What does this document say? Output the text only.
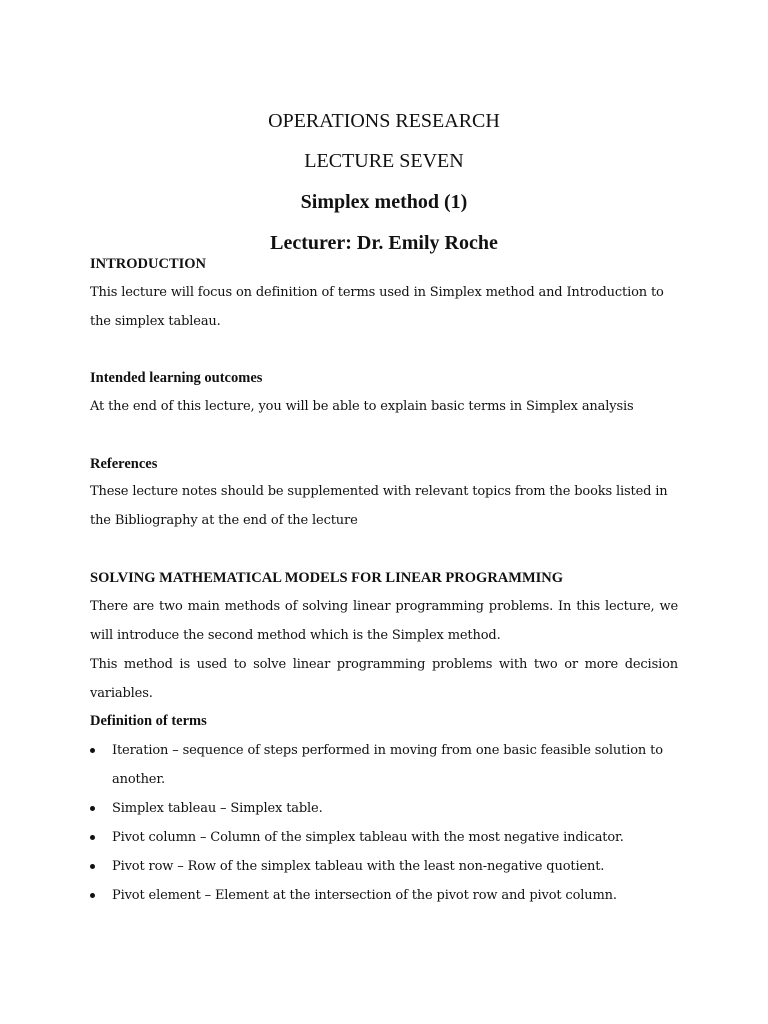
OPERATIONS RESEARCH
LECTURE SEVEN
Simplex method (1)
Lecturer: Dr. Emily Roche
INTRODUCTION

This lecture will focus on definition of terms used in Simplex method and Introduction to the simplex tableau.

Intended learning outcomes

At the end of this lecture, you will be able to explain basic terms in Simplex analysis

References

These lecture notes should be supplemented with relevant topics from the books listed in the Bibliography at the end of the lecture

SOLVING MATHEMATICAL MODELS FOR LINEAR PROGRAMMING

There are two main methods of solving linear programming problems. In this lecture, we will introduce the second method which is the Simplex method.

This method is used to solve linear programming problems with two or more decision variables.

Definition of terms
Iteration – sequence of steps performed in moving from one basic feasible solution to another.
Simplex tableau – Simplex table.
Pivot column – Column of the simplex tableau with the most negative indicator.
Pivot row – Row of the simplex tableau with the least non-negative quotient.
Pivot element – Element at the intersection of the pivot row and pivot column.
